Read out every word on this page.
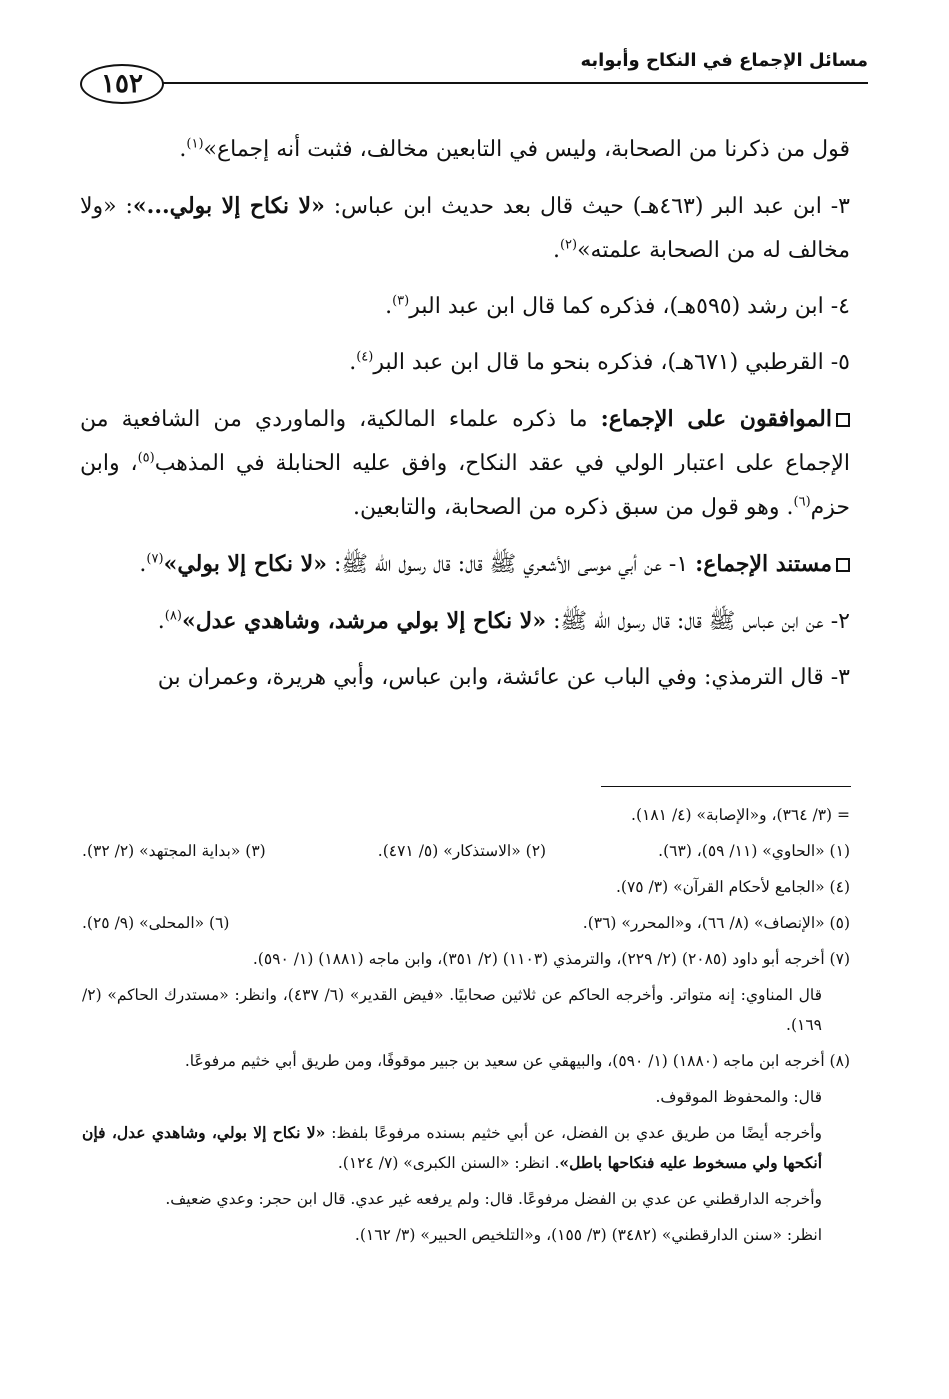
مسائل الإجماع في النكاح وأبوابه
١٥٢

قول من ذكرنا من الصحابة، وليس في التابعين مخالف، فثبت أنه إجماع»$^{(١)}$.

٣- ابن عبد البر (٤٦٣هـ) حيث قال بعد حديث ابن عباس: «لا نكاح إلا بولي...»: «ولا مخالف له من الصحابة علمته»$^{(٢)}$.

٤- ابن رشد (٥٩٥هـ)، فذكره كما قال ابن عبد البر$^{(٣)}$.

٥- القرطبي (٦٧١هـ)، فذكره بنحو ما قال ابن عبد البر$^{(٤)}$.

الموافقون على الإجماع: ما ذكره علماء المالكية، والماوردي من الشافعية من الإجماع على اعتبار الولي في عقد النكاح، وافق عليه الحنابلة في المذهب$^{(٥)}$، وابن حزم$^{(٦)}$. وهو قول من سبق ذكره من الصحابة، والتابعين.

مستند الإجماع: ١- عن أبي موسى الأشعري ﷺ قال: قال رسول الله ﷺ: «لا نكاح إلا بولي»$^{(٧)}$.

٢- عن ابن عباس ﷺ قال: قال رسول الله ﷺ: «لا نكاح إلا بولي مرشد، وشاهدي عدل»$^{(٨)}$.

٣- قال الترمذي: وفي الباب عن عائشة، وابن عباس، وأبي هريرة، وعمران بن

= (٣/ ٣٦٤)، و«الإصابة» (٤/ ١٨١).

(١) «الحاوي» (١١/ ٥٩)، (٦٣).
(٢) «الاستذكار» (٥/ ٤٧١).
(٣) «بداية المجتهد» (٢/ ٣٢).

(٤) «الجامع لأحكام القرآن» (٣/ ٧٥).

(٥) «الإنصاف» (٨/ ٦٦)، و«المحرر» (٣٦).
(٦) «المحلى» (٩/ ٢٥).

(٧) أخرجه أبو داود (٢٠٨٥) (٢/ ٢٢٩)، والترمذي (١١٠٣) (٢/ ٣٥١)، وابن ماجه (١٨٨١) (١/ ٥٩٠).

قال المناوي: إنه متواتر. وأخرجه الحاكم عن ثلاثين صحابيًا. «فيض القدير» (٦/ ٤٣٧)، وانظر: «مستدرك الحاكم» (٢/ ١٦٩).

(٨) أخرجه ابن ماجه (١٨٨٠) (١/ ٥٩٠)، والبيهقي عن سعيد بن جبير موقوفًا، ومن طريق أبي خثيم مرفوعًا.

قال: والمحفوظ الموقوف.

وأخرجه أيضًا من طريق عدي بن الفضل، عن أبي خثيم بسنده مرفوعًا بلفظ: «لا نكاح إلا بولي، وشاهدي عدل، فإن أنكحها ولي مسخوط عليه فنكاحها باطل». انظر: «السنن الكبرى» (٧/ ١٢٤).

وأخرجه الدارقطني عن عدي بن الفضل مرفوعًا. قال: ولم يرفعه غير عدي. قال ابن حجر: وعدي ضعيف.

انظر: «سنن الدارقطني» (٣٤٨٢) (٣/ ١٥٥)، و«التلخيص الحبير» (٣/ ١٦٢).
